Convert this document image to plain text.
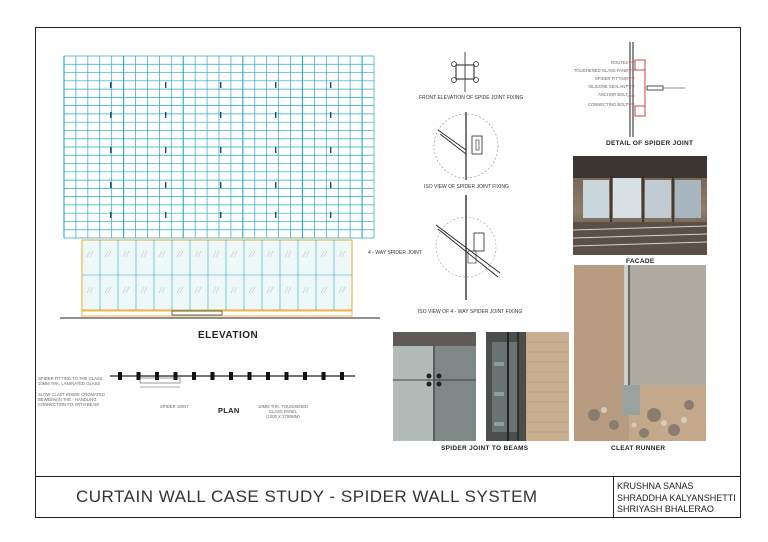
4 - WAY SPIDER JOINT
ELEVATION
SPIDER FITTING TO THE GLASS
10MM THK. LAMINATED GLASS
SLOW CLAST INSIDE CROMATED
BEWEEN(IN THE - HANDLING
CONNECTION FIX WITH BEAM	SPIDER JOINT	10MM THK. TOUGHENED
GLASS PANEL
(1200 X 2700MM)
PLAN
FRONT ELEVATION OF SPIDE JOINT FIXING
ISO VIEW OF SPIDER JOINT FIXING
ISO VIEW OF 4 - WAY SPIDER JOINT FIXING
ROUTEL
TOUGHENED GLASS PANE
SPIDER FITTING
SILICONE SEALANT
ANCHOR BOLT
CONNECTING BOLT
DETAIL OF SPIDER JOINT
FACADE
CLEAT RUNNER
SPIDER JOINT TO BEAMS
CURTAIN WALL CASE STUDY - SPIDER WALL SYSTEM
KRUSHNA SANAS
SHRADDHA KALYANSHETTI
SHRIYASH BHALERAO
